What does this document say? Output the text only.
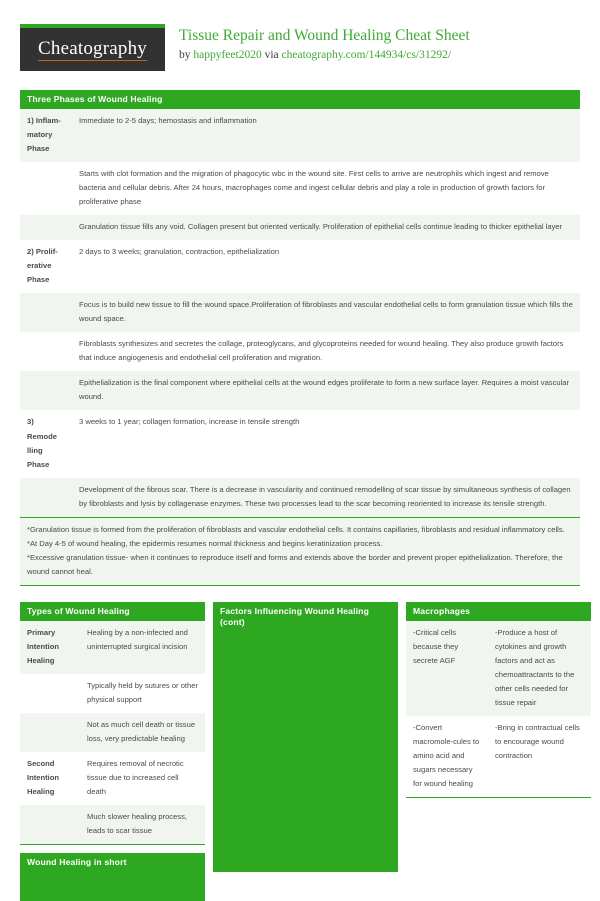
Cheatography
Tissue Repair and Wound Healing Cheat Sheet
by happyfeet2020 via cheatography.com/144934/cs/31292/
Three Phases of Wound Healing
1) Inflammatory Phase	Immediate to 2-5 days; hemostasis and inflammation
	Starts with clot formation and the migration of phagocytic wbc in the wound site. First cells to arrive are neutrophils which ingest and remove bacteria and cellular debris. After 24 hours, macrophages come and ingest cellular debris and play a role in production of growth factors for proliferative phase
	Granulation tissue fills any void. Collagen present but oriented vertically. Proliferation of epithelial cells continue leading to thicker epithelial layer
2) Proliferative Phase	2 days to 3 weeks; granulation, contraction, epithelialization
	Focus is to build new tissue to fill the wound space.Proliferation of fibroblasts and vascular endothelial cells to form granulation tissue which fills the wound space.
	Fibroblasts synthesizes and secretes the collage, proteoglycans, and glycoproteins needed for wound healing. They also produce growth factors that induce angiogenesis and endothelial cell proliferation and migration.
	Epithelialization is the final component where epithelial cells at the wound edges proliferate to form a new surface layer. Requires a moist vascular wound.
3) Remode lling Phase	3 weeks to 1 year; collagen formation, increase in tensile strength
	Development of the fibrous scar. There is a decrease in vascularity and continued remodelling of scar tissue by simultaneous synthesis of collagen by fibroblasts and lysis by collagenase enzymes. These two processes lead to the scar becoming reoriented to increase its tensile strength.

*Granulation tissue is formed from the proliferation of fibroblasts and vascular endothelial cells. It contains capillaries, fibroblasts and residual inflammatory cells.

*At Day 4-5 of wound healing, the epidermis resumes normal thickness and begins keratinization process.

*Excessive granulation tissue- when it continues to reproduce itself and forms and extends above the border and prevent proper epithelialization. Therefore, the wound cannot heal.

Types of Wound Healing
Primary Intention Healing	Healing by a non-infected and uninterrupted surgical incision
	Typically held by sutures or other physical support
	Not as much cell death or tissue loss, very predictable healing
Second Intention Healing	Requires removal of necrotic tissue due to increased cell death
	Much slower healing process, leads to scar tissue
Wound Healing in short
Factors Influencing Wound Healing (cont)
Macrophages
-Critical cells because they secrete AGF	-Produce a host of cytokines and growth factors and act as chemoattractants to the other cells needed for tissue repair
-Convert macromole-cules to amino acid and sugars necessary for wound healing	-Bring in contractual cells to encourage wound contraction
